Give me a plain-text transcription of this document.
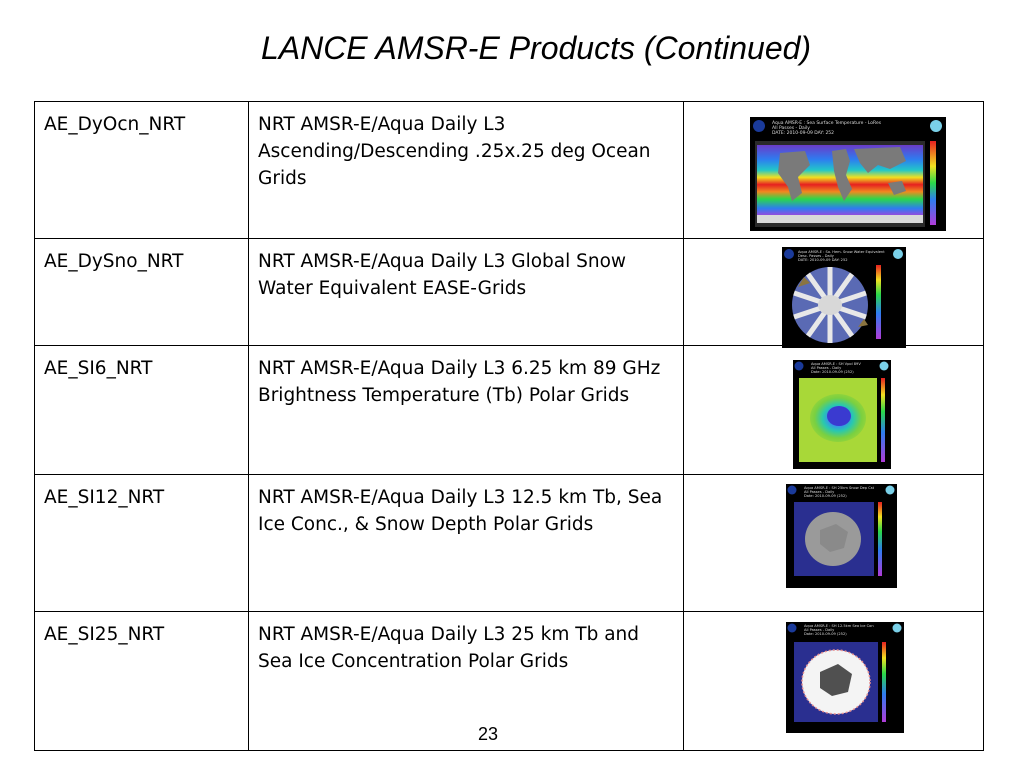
LANCE AMSR-E Products (Continued)
AE_DyOcn_NRT	NRT AMSR-E/Aqua Daily L3 Ascending/Descending .25x.25 deg Ocean Grids	Aqua AMSR-E : Sea Surface Temperature - LoRes
All Passes - Daily
DATE: 2010-09-09 DAY: 252

AE_DySno_NRT	NRT AMSR-E/Aqua Daily L3 Global Snow Water Equivalent EASE-Grids	Aqua AMSR-E : So. Hem. Snow Water Equivalent
Desc. Passes - Daily
DATE: 2010-09-09 DAY: 252

AE_SI6_NRT	NRT AMSR-E/Aqua Daily L3 6.25 km 89 GHz Brightness Temperature (Tb) Polar Grids	Aqua AMSR-E : SH Vpol 89V
All Passes - Daily
Date: 2010-09-09 (252)

AE_SI12_NRT	NRT AMSR-E/Aqua Daily L3 12.5 km Tb, Sea Ice Conc., & Snow Depth Polar Grids	Aqua AMSR-E : SH 25km Snow Dep Cst
All Passes - Daily
Date: 2010-09-09 (252)

AE_SI25_NRT	NRT AMSR-E/Aqua Daily L3 25 km Tb and Sea Ice Concentration Polar Grids	Aqua AMSR-E : SH 12.5km Sea Ice Con
All Passes - Daily
Date: 2010-09-09 (252)
23
